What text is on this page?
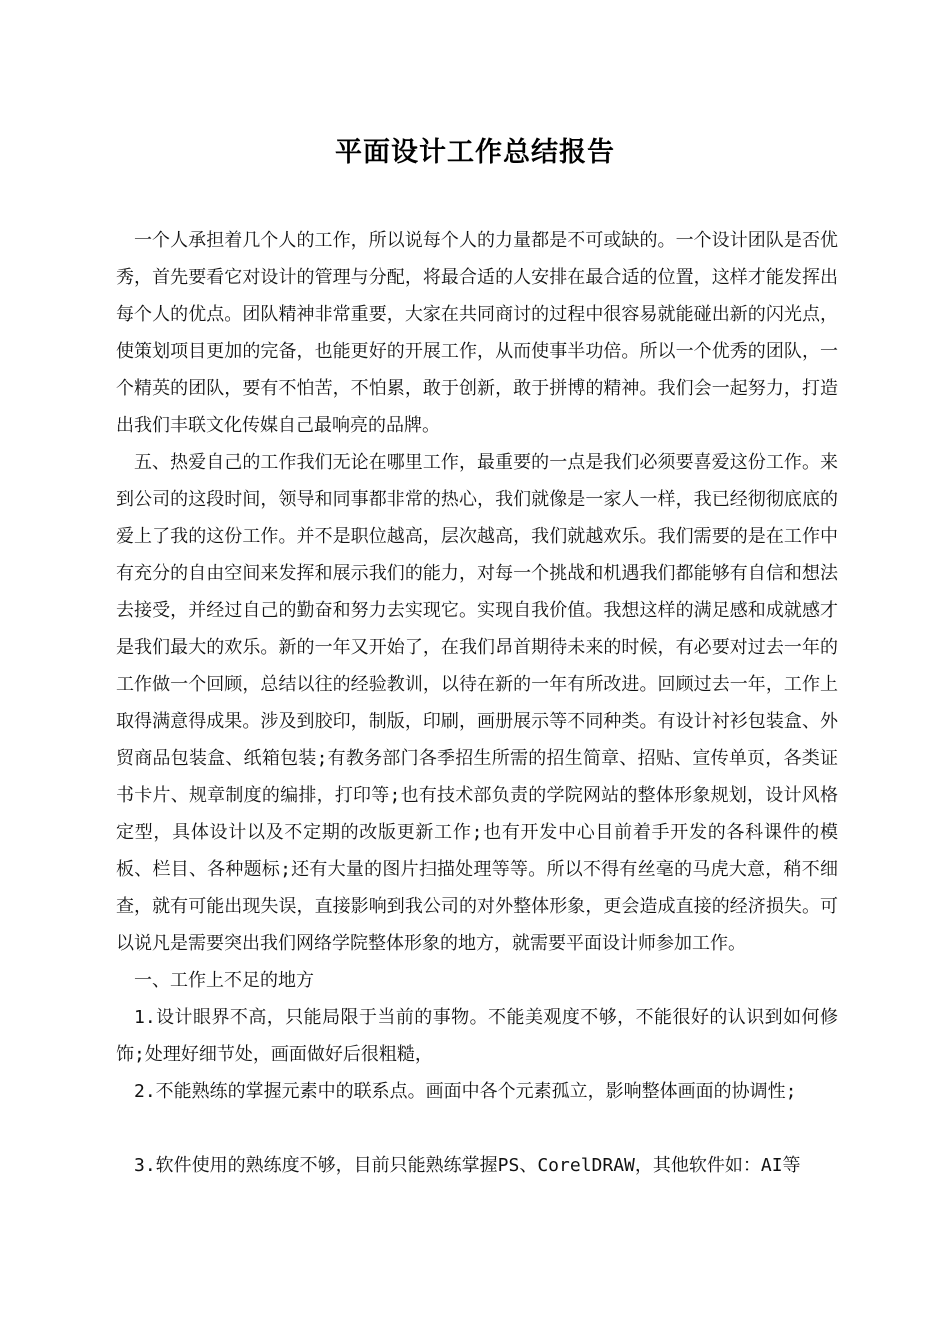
平面设计工作总结报告

一个人承担着几个人的工作，所以说每个人的力量都是不可或缺的。一个设计团队是否优秀，首先要看它对设计的管理与分配，将最合适的人安排在最合适的位置，这样才能发挥出每个人的优点。团队精神非常重要，大家在共同商讨的过程中很容易就能碰出新的闪光点，使策划项目更加的完备，也能更好的开展工作，从而使事半功倍。所以一个优秀的团队，一个精英的团队，要有不怕苦，不怕累，敢于创新，敢于拼博的精神。我们会一起努力，打造出我们丰联文化传媒自己最响亮的品牌。

五、热爱自己的工作我们无论在哪里工作，最重要的一点是我们必须要喜爱这份工作。来到公司的这段时间，领导和同事都非常的热心，我们就像是一家人一样，我已经彻彻底底的爱上了我的这份工作。并不是职位越高，层次越高，我们就越欢乐。我们需要的是在工作中有充分的自由空间来发挥和展示我们的能力，对每一个挑战和机遇我们都能够有自信和想法去接受，并经过自己的勤奋和努力去实现它。实现自我价值。我想这样的满足感和成就感才是我们最大的欢乐。新的一年又开始了，在我们昂首期待未来的时候，有必要对过去一年的工作做一个回顾，总结以往的经验教训，以待在新的一年有所改进。回顾过去一年，工作上取得满意得成果。涉及到胶印，制版，印刷，画册展示等不同种类。有设计衬衫包装盒、外贸商品包装盒、纸箱包装;有教务部门各季招生所需的招生简章、招贴、宣传单页，各类证书卡片、规章制度的编排，打印等;也有技术部负责的学院网站的整体形象规划，设计风格定型，具体设计以及不定期的改版更新工作;也有开发中心目前着手开发的各科课件的模板、栏目、各种题标;还有大量的图片扫描处理等等。所以不得有丝毫的马虎大意，稍不细查，就有可能出现失误，直接影响到我公司的对外整体形象，更会造成直接的经济损失。可以说凡是需要突出我们网络学院整体形象的地方，就需要平面设计师参加工作。

一、工作上不足的地方

1.设计眼界不高，只能局限于当前的事物。不能美观度不够，不能很好的认识到如何修饰;处理好细节处，画面做好后很粗糙，

2.不能熟练的掌握元素中的联系点。画面中各个元素孤立，影响整体画面的协调性;

3.软件使用的熟练度不够，目前只能熟练掌握PS、CorelDRAW，其他软件如：AI等
